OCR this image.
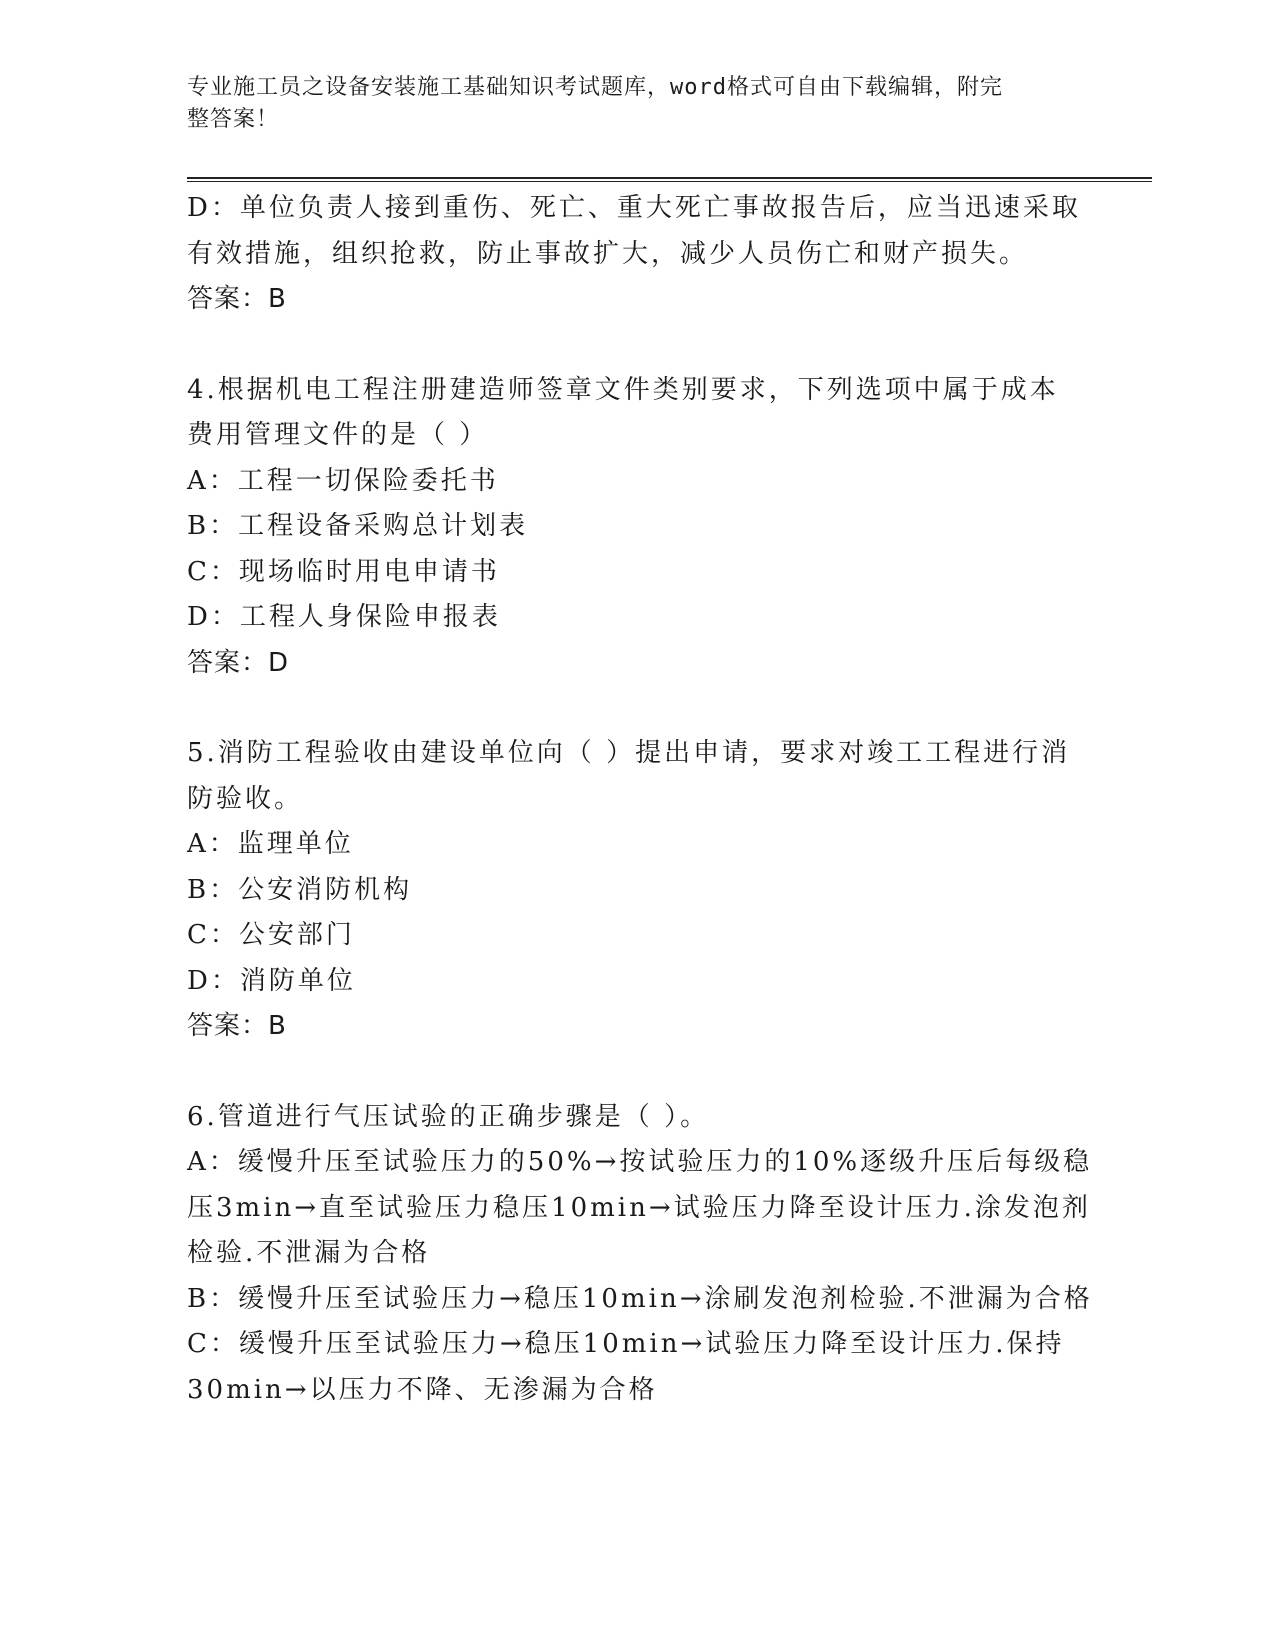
专业施工员之设备安装施工基础知识考试题库，word格式可自由下载编辑，附完
整答案！
D：单位负责人接到重伤、死亡、重大死亡事故报告后，应当迅速采取
有效措施，组织抢救，防止事故扩大，减少人员伤亡和财产损失。
答案：B
4.根据机电工程注册建造师签章文件类别要求，下列选项中属于成本
费用管理文件的是（ ）
A：工程一切保险委托书
B：工程设备采购总计划表
C：现场临时用电申请书
D：工程人身保险申报表
答案：D
5.消防工程验收由建设单位向（ ）提出申请，要求对竣工工程进行消
防验收。
A：监理单位
B：公安消防机构
C：公安部门
D：消防单位
答案：B
6.管道进行气压试验的正确步骤是（ ）。
A：缓慢升压至试验压力的50%→按试验压力的10%逐级升压后每级稳
压3min→直至试验压力稳压10min→试验压力降至设计压力.涂发泡剂
检验.不泄漏为合格
B：缓慢升压至试验压力→稳压10min→涂刷发泡剂检验.不泄漏为合格
C：缓慢升压至试验压力→稳压10min→试验压力降至设计压力.保持
30min→以压力不降、无渗漏为合格
